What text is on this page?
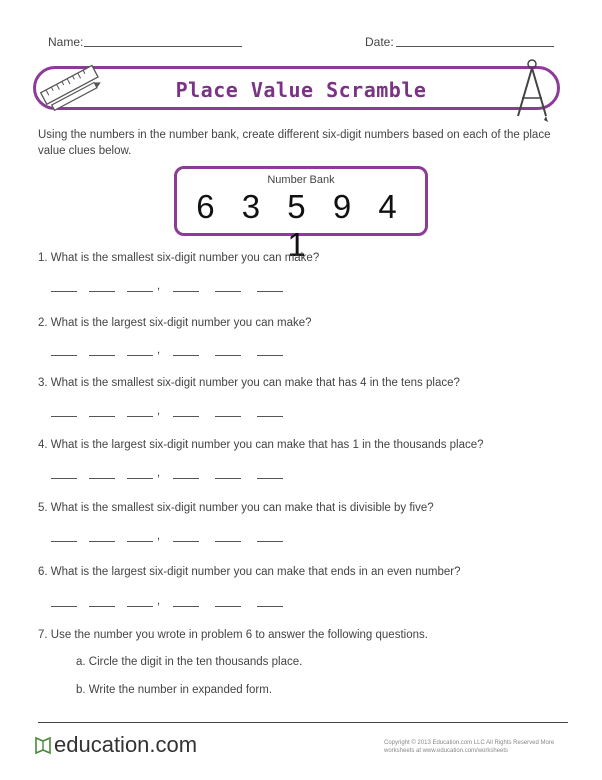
Name:	Date:
Place Value Scramble
Using the numbers in the number bank, create different six-digit numbers based on each of the place value clues below.
Number Bank
6 3 5 9 4 1
1. What is the smallest six-digit number you can make?
,
2. What is the largest six-digit number you can make?
,
3. What is the smallest six-digit number you can make that has 4 in the tens place?
,
4. What is the largest six-digit number you can make that has 1 in the thousands place?
,
5. What is the smallest six-digit number you can make that is divisible by five?
,
6. What is the largest six-digit number you can make that ends in an even number?
,
7. Use the number you wrote in problem 6 to answer the following questions.
a. Circle the digit in the ten thousands place.
b. Write the number in expanded form.
education.com	Copyright © 2013 Education.com LLC All Rights Reserved More worksheets at www.education.com/worksheets
